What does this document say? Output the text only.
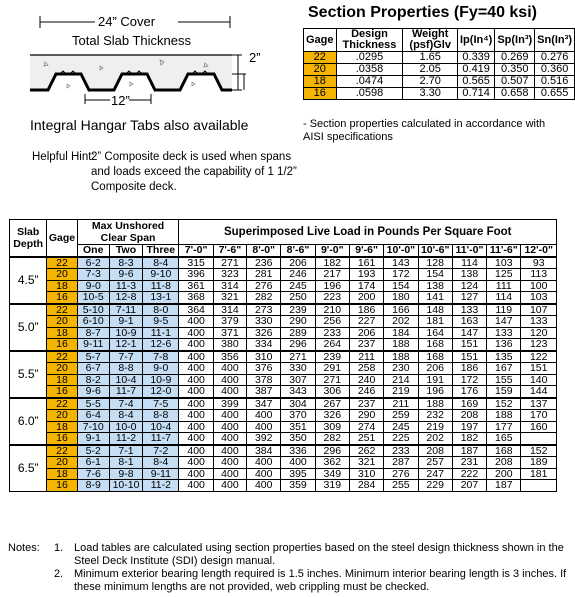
24” Cover
Total Slab Thickness
2”
12”
Integral Hangar Tabs also available
Section Properties (Fy=40 ksi)
Gage	Design Thickness	Weight (psf)Glv	Ip(In⁴)	Sp(In³)	Sn(In³)
22	.0295	1.65	0.339	0.269	0.276
20	.0358	2.05	0.419	0.350	0.360
18	.0474	2.70	0.565	0.507	0.516
16	.0598	3.30	0.714	0.658	0.655
- Section properties calculated in accordance with AISI specifications
Helpful Hint:
2” Composite deck is used when spans and loads exceed the capability of 1 1/2” Composite deck.
Slab Depth	Gage	Max Unshored Clear Span			Superimposed Live Load in Pounds Per Square Foot										
		One	Two	Three	7'-0"	7'-6"	8'-0"	8'-6"	9'-0"	9'-6"	10'-0"	10'-6"	11'-0"	11'-6"	12'-0"
4.5”	22	6-2	8-3	8-4	315	271	236	206	182	161	143	128	114	103	93
	20	7-3	9-6	9-10	396	323	281	246	217	193	172	154	138	125	113
	18	9-0	11-3	11-8	361	314	276	245	196	174	154	138	124	111	100
	16	10-5	12-8	13-1	368	321	282	250	223	200	180	141	127	114	103
5.0”	22	5-10	7-11	8-0	364	314	273	239	210	186	166	148	133	119	107
	20	6-10	9-1	9-5	400	379	330	290	256	227	202	181	163	147	133
	18	8-7	10-9	11-1	400	371	326	289	233	206	184	164	147	133	120
	16	9-11	12-1	12-6	400	380	334	296	264	237	188	168	151	136	123
5.5”	22	5-7	7-7	7-8	400	356	310	271	239	211	188	168	151	135	122
	20	6-7	8-8	9-0	400	400	376	330	291	258	230	206	186	167	151
	18	8-2	10-4	10-9	400	400	378	307	271	240	214	191	172	155	140
	16	9-6	11-7	12-0	400	400	387	343	306	246	219	196	176	159	144
6.0”	22	5-5	7-4	7-5	400	399	347	304	267	237	211	188	169	152	137
	20	6-4	8-4	8-8	400	400	400	370	326	290	259	232	208	188	170
	18	7-10	10-0	10-4	400	400	400	351	309	274	245	219	197	177	160
	16	9-1	11-2	11-7	400	400	392	350	282	251	225	202	182	165	
6.5”	22	5-2	7-1	7-2	400	400	384	336	296	262	233	208	187	168	152
	20	6-1	8-1	8-4	400	400	400	400	362	321	287	257	231	208	189
	18	7-6	9-8	9-11	400	400	400	395	349	310	276	247	222	200	181
	16	8-9	10-10	11-2	400	400	400	359	319	284	255	229	207	187	
Notes: 1. Load tables are calculated using section properties based on the steel design thickness shown in the Steel Deck Institute (SDI) design manual.
2. Minimum exterior bearing length required is 1.5 inches. Minimum interior bearing length is 3 inches. If these minimum lengths are not provided, web crippling must be checked.
